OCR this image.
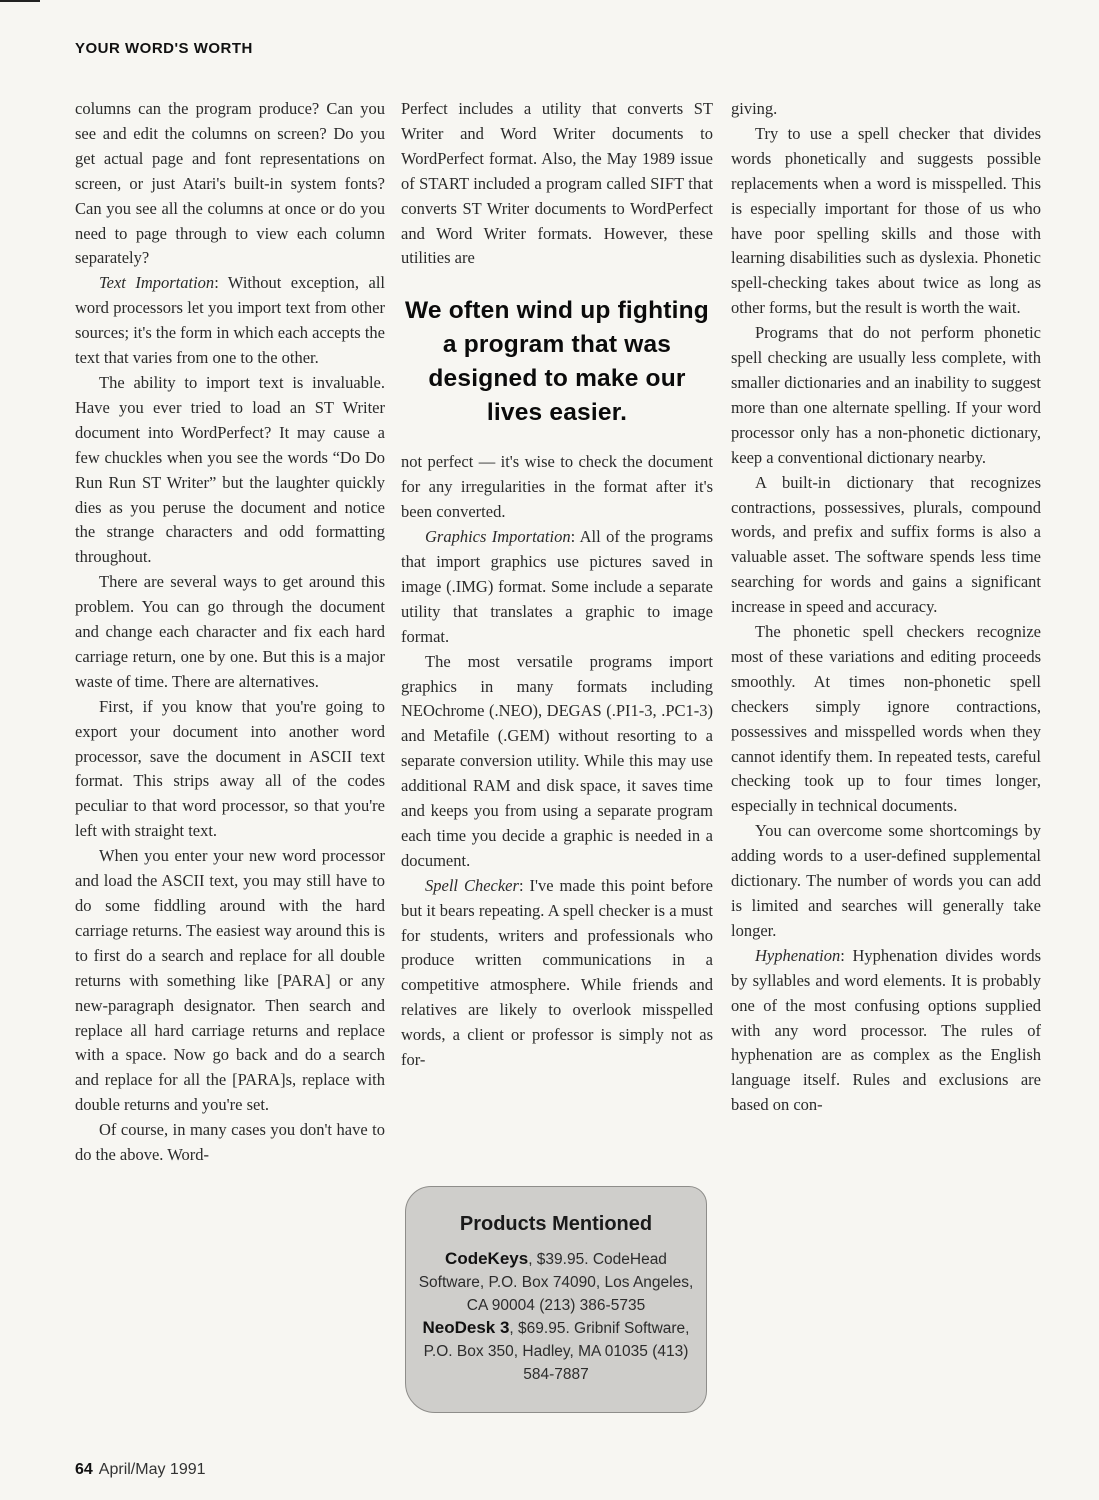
YOUR WORD'S WORTH

columns can the program produce? Can you see and edit the columns on screen? Do you get actual page and font representations on screen, or just Atari's built-in system fonts? Can you see all the columns at once or do you need to page through to view each column separately?

Text Importation: Without exception, all word processors let you import text from other sources; it's the form in which each accepts the text that varies from one to the other.

The ability to import text is invaluable. Have you ever tried to load an ST Writer document into WordPerfect? It may cause a few chuckles when you see the words “Do Do Run Run ST Writer” but the laughter quickly dies as you peruse the document and notice the strange characters and odd formatting throughout.

There are several ways to get around this problem. You can go through the document and change each character and fix each hard carriage return, one by one. But this is a major waste of time. There are alternatives.

First, if you know that you're going to export your document into another word processor, save the document in ASCII text format. This strips away all of the codes peculiar to that word processor, so that you're left with straight text.

When you enter your new word processor and load the ASCII text, you may still have to do some fiddling around with the hard carriage returns. The easiest way around this is to first do a search and replace for all double returns with something like [PARA] or any new-paragraph designator. Then search and replace all hard carriage returns and replace with a space. Now go back and do a search and replace for all the [PARA]s, replace with double returns and you're set.

Of course, in many cases you don't have to do the above. Word-

Perfect includes a utility that converts ST Writer and Word Writer documents to WordPerfect format. Also, the May 1989 issue of START included a program called SIFT that converts ST Writer documents to WordPerfect and Word Writer formats. However, these utilities are

We often wind up fighting a program that was designed to make our lives easier.

not perfect — it's wise to check the document for any irregularities in the format after it's been converted.

Graphics Importation: All of the programs that import graphics use pictures saved in image (.IMG) format. Some include a separate utility that translates a graphic to image format.

The most versatile programs import graphics in many formats including NEOchrome (.NEO), DEGAS (.PI1-3, .PC1-3) and Metafile (.GEM) without resorting to a separate conversion utility. While this may use additional RAM and disk space, it saves time and keeps you from using a separate program each time you decide a graphic is needed in a document.

Spell Checker: I've made this point before but it bears repeating. A spell checker is a must for students, writers and professionals who produce written communications in a competitive atmosphere. While friends and relatives are likely to overlook misspelled words, a client or professor is simply not as for-

Products Mentioned
CodeKeys, $39.95. CodeHead Software, P.O. Box 74090, Los Angeles, CA 90004 (213) 386-5735
NeoDesk 3, $69.95. Gribnif Software, P.O. Box 350, Hadley, MA 01035 (413) 584-7887

giving.

Try to use a spell checker that divides words phonetically and suggests possible replacements when a word is misspelled. This is especially important for those of us who have poor spelling skills and those with learning disabilities such as dyslexia. Phonetic spell-checking takes about twice as long as other forms, but the result is worth the wait.

Programs that do not perform phonetic spell checking are usually less complete, with smaller dictionaries and an inability to suggest more than one alternate spelling. If your word processor only has a non-phonetic dictionary, keep a conventional dictionary nearby.

A built-in dictionary that recognizes contractions, possessives, plurals, compound words, and prefix and suffix forms is also a valuable asset. The software spends less time searching for words and gains a significant increase in speed and accuracy.

The phonetic spell checkers recognize most of these variations and editing proceeds smoothly. At times non-phonetic spell checkers simply ignore contractions, possessives and misspelled words when they cannot identify them. In repeated tests, careful checking took up to four times longer, especially in technical documents.

You can overcome some shortcomings by adding words to a user-defined supplemental dictionary. The number of words you can add is limited and searches will generally take longer.

Hyphenation: Hyphenation divides words by syllables and word elements. It is probably one of the most confusing options supplied with any word processor. The rules of hyphenation are as complex as the English language itself. Rules and exclusions are based on con-

64 April/May 1991
